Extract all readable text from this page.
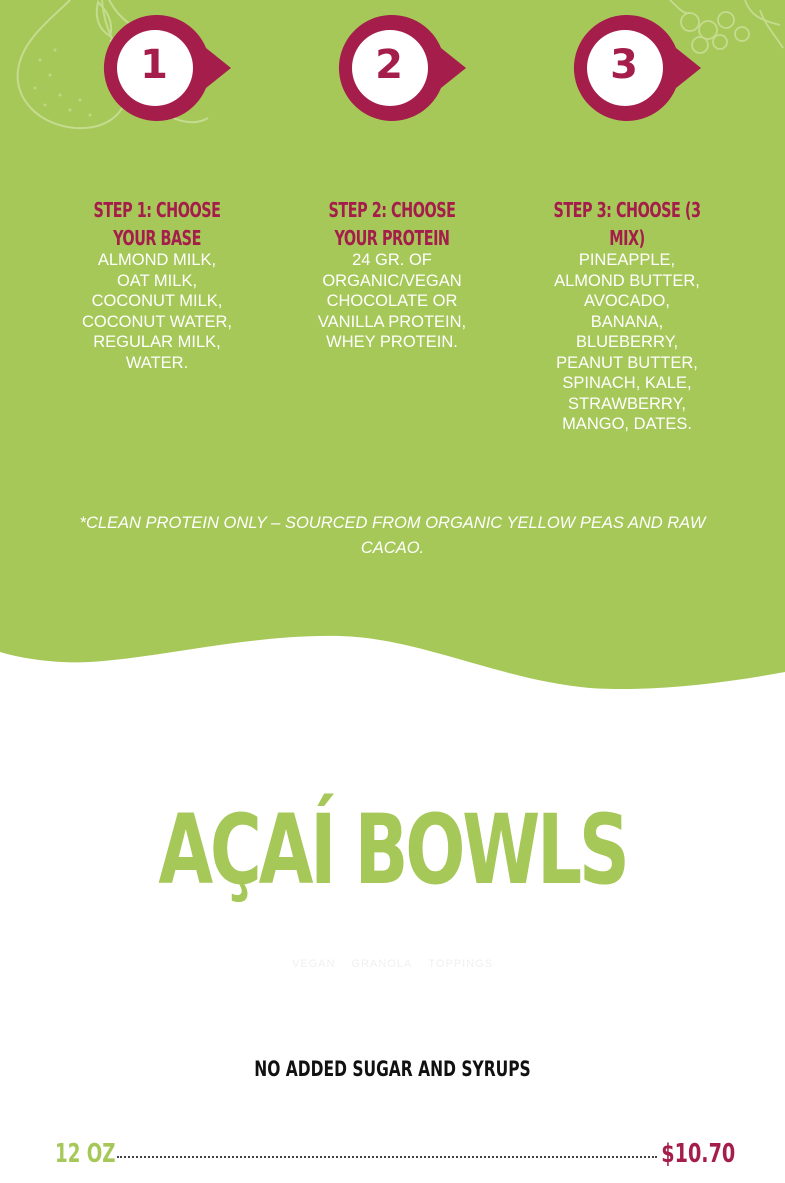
1	2	3
STEP 1: CHOOSE
YOUR BASE
ALMOND MILK,
OAT MILK,
COCONUT MILK,
COCONUT WATER,
REGULAR MILK,
WATER.
STEP 2: CHOOSE
YOUR PROTEIN
24 GR. OF
ORGANIC/VEGAN
CHOCOLATE OR
VANILLA PROTEIN,
WHEY PROTEIN.
STEP 3: CHOOSE (3
MIX)
PINEAPPLE,
ALMOND BUTTER,
AVOCADO,
BANANA,
BLUEBERRY,
PEANUT BUTTER,
SPINACH, KALE,
STRAWBERRY,
MANGO, DATES.
*CLEAN PROTEIN ONLY – SOURCED FROM ORGANIC YELLOW PEAS AND RAW
CACAO.
AÇAÍ BOWLS
VEGAN GRANOLA TOPPINGS
NO ADDED SUGAR AND SYRUPS
12 OZ	$10.70
